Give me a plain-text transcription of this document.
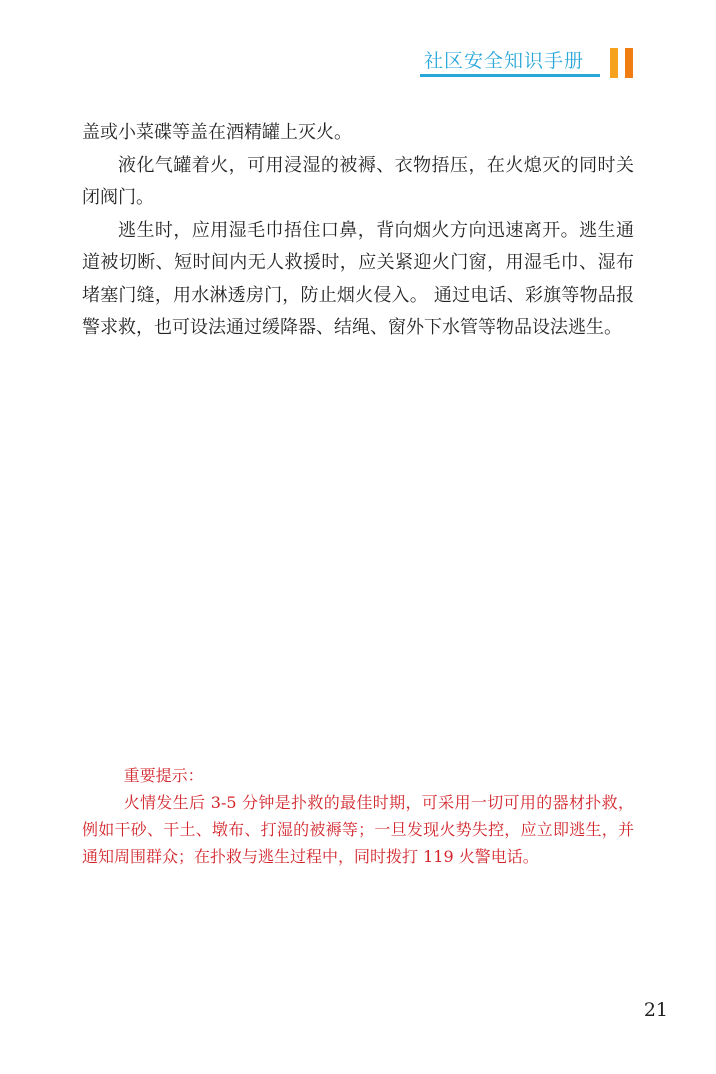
社区安全知识手册

盖或小菜碟等盖在酒精罐上灭火。

液化气罐着火，可用浸湿的被褥、衣物捂压，在火熄灭的同时关闭阀门。

逃生时，应用湿毛巾捂住口鼻，背向烟火方向迅速离开。逃生通道被切断、短时间内无人救援时，应关紧迎火门窗，用湿毛巾、湿布堵塞门缝，用水淋透房门，防止烟火侵入。 通过电话、彩旗等物品报警求救，也可设法通过缓降器、结绳、窗外下水管等物品设法逃生。

重要提示：

火情发生后 3-5 分钟是扑救的最佳时期，可采用一切可用的器材扑救，例如干砂、干土、墩布、打湿的被褥等；一旦发现火势失控，应立即逃生，并通知周围群众；在扑救与逃生过程中，同时拨打 119 火警电话。

21
